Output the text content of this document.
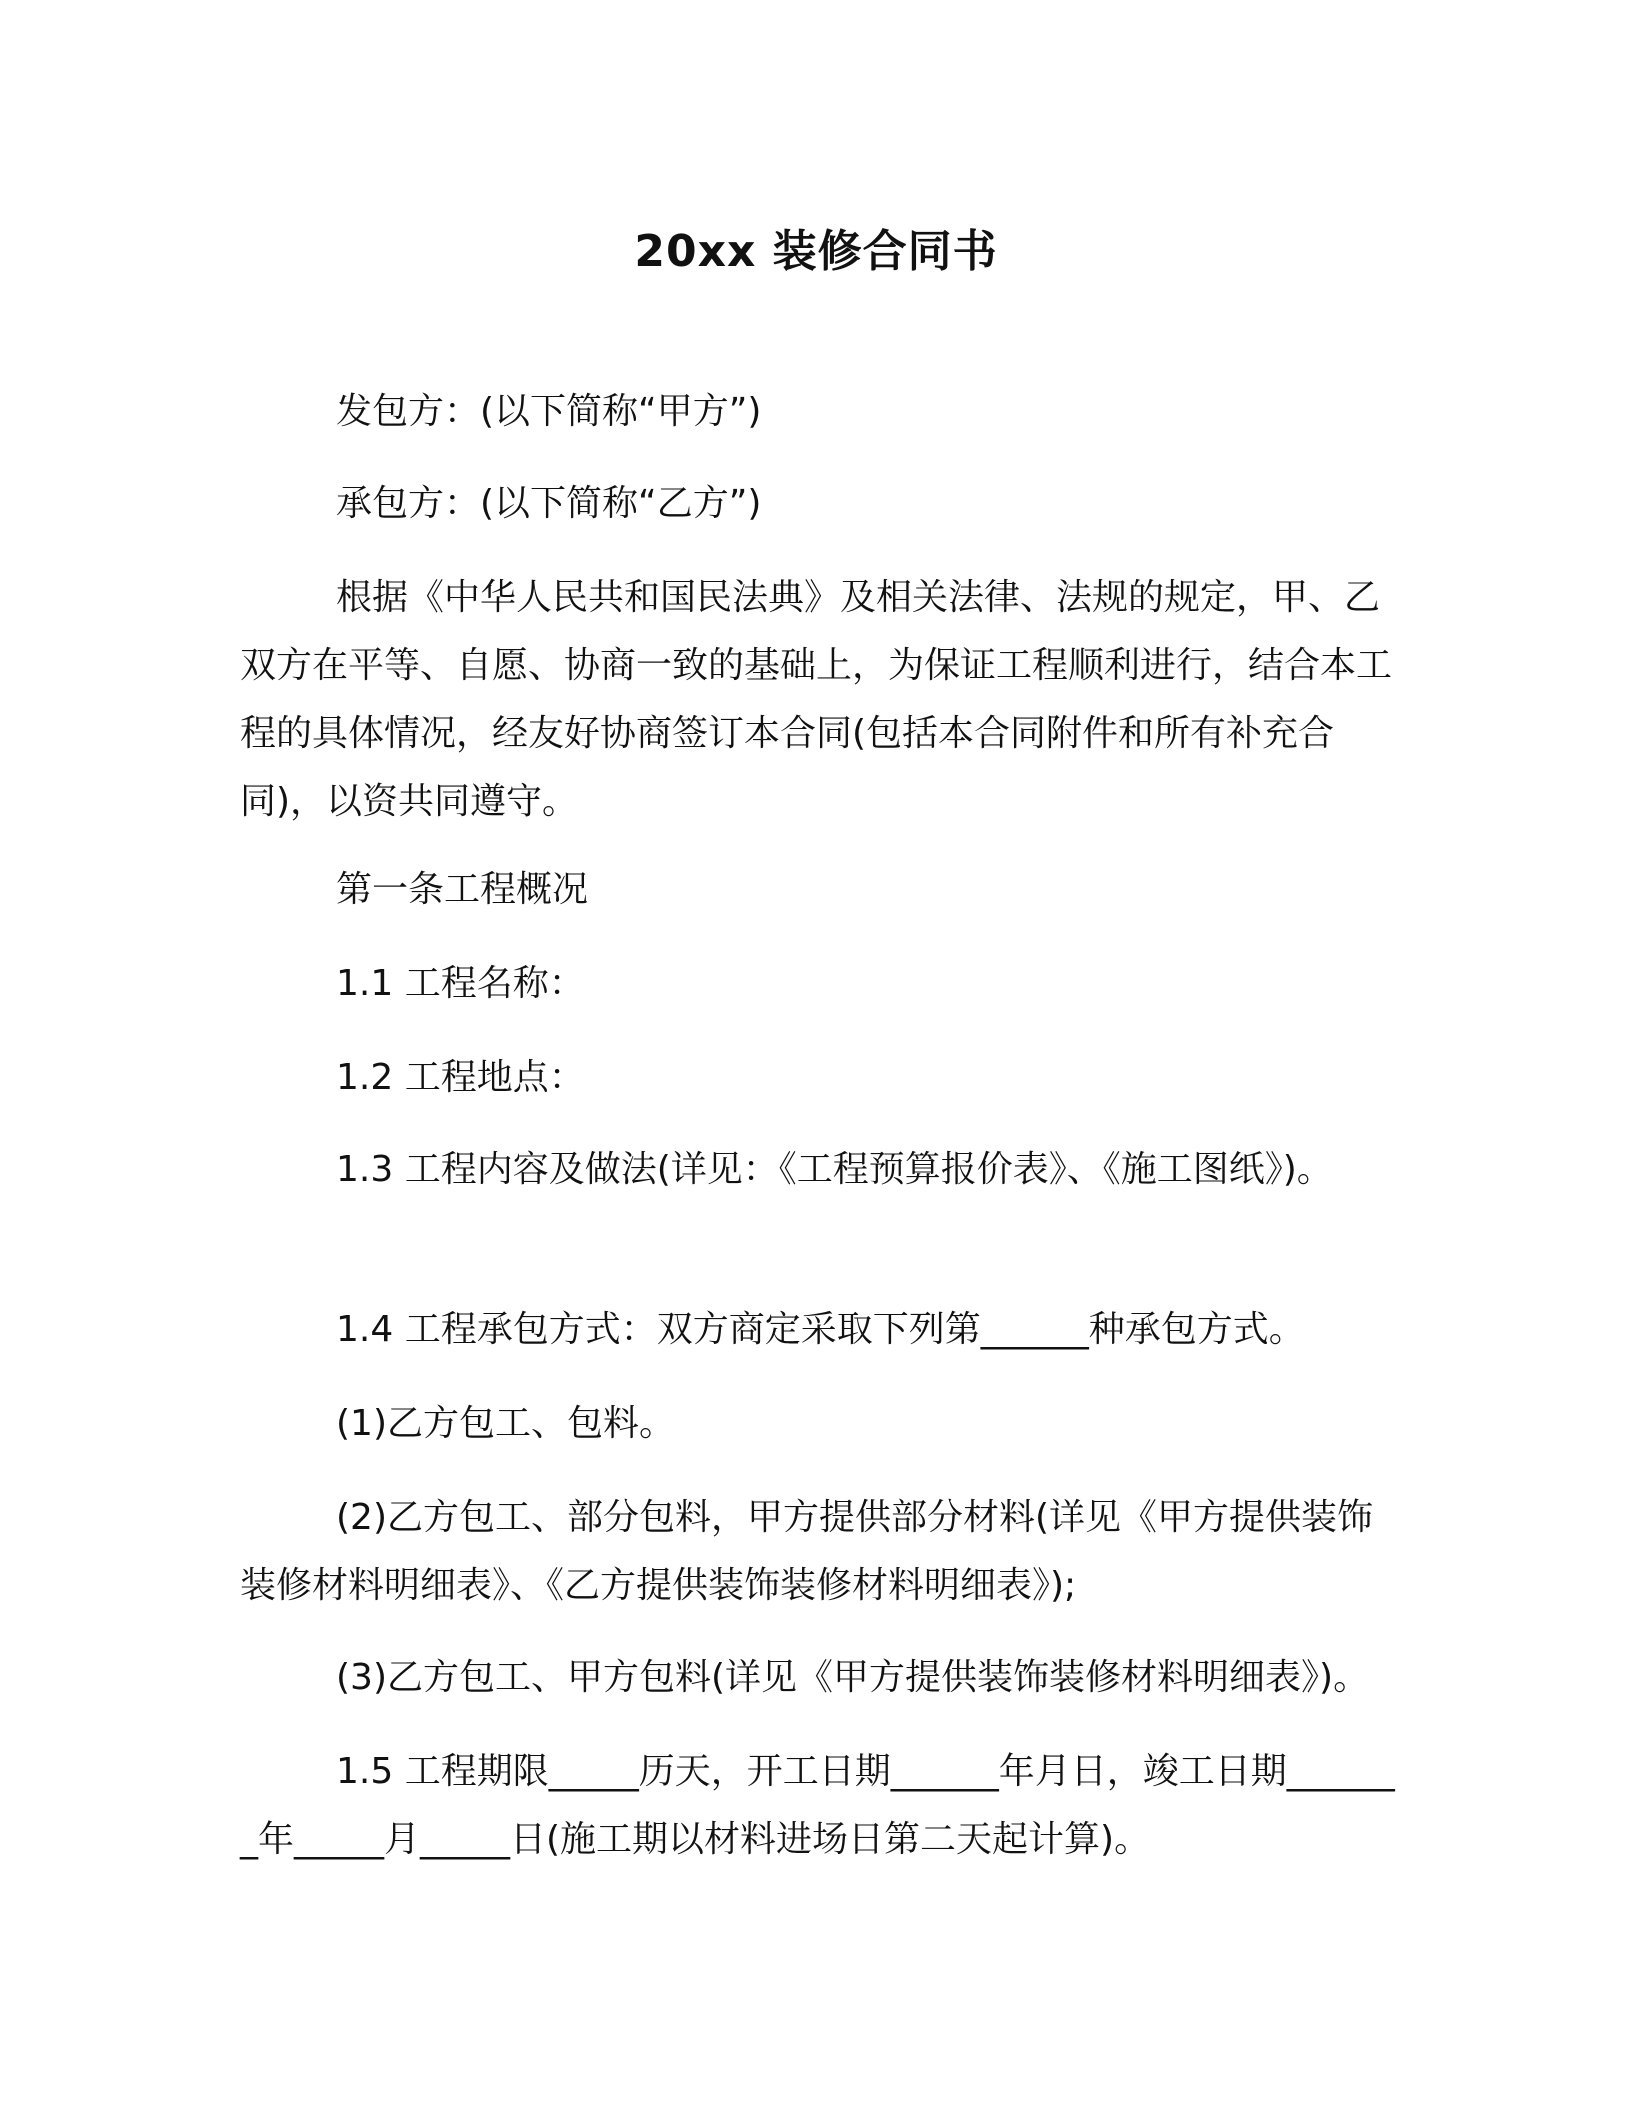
20xx 装修合同书
发包方：(以下简称“甲方”)
承包方：(以下简称“乙方”)
根据《中华人民共和国民法典》及相关法律、法规的规定，甲、乙双方在平等、自愿、协商一致的基础上，为保证工程顺利进行，结合本工程的具体情况，经友好协商签订本合同(包括本合同附件和所有补充合同)，以资共同遵守。
第一条工程概况
1.1 工程名称：
1.2 工程地点：
1.3 工程内容及做法(详见：《工程预算报价表》、《施工图纸》)。
1.4 工程承包方式：双方商定采取下列第______种承包方式。
(1)乙方包工、包料。
(2)乙方包工、部分包料，甲方提供部分材料(详见《甲方提供装饰装修材料明细表》、《乙方提供装饰装修材料明细表》);
(3)乙方包工、甲方包料(详见《甲方提供装饰装修材料明细表》)。
1.5 工程期限_____历天，开工日期______年月日，竣工日期_______年_____月_____日(施工期以材料进场日第二天起计算)。
